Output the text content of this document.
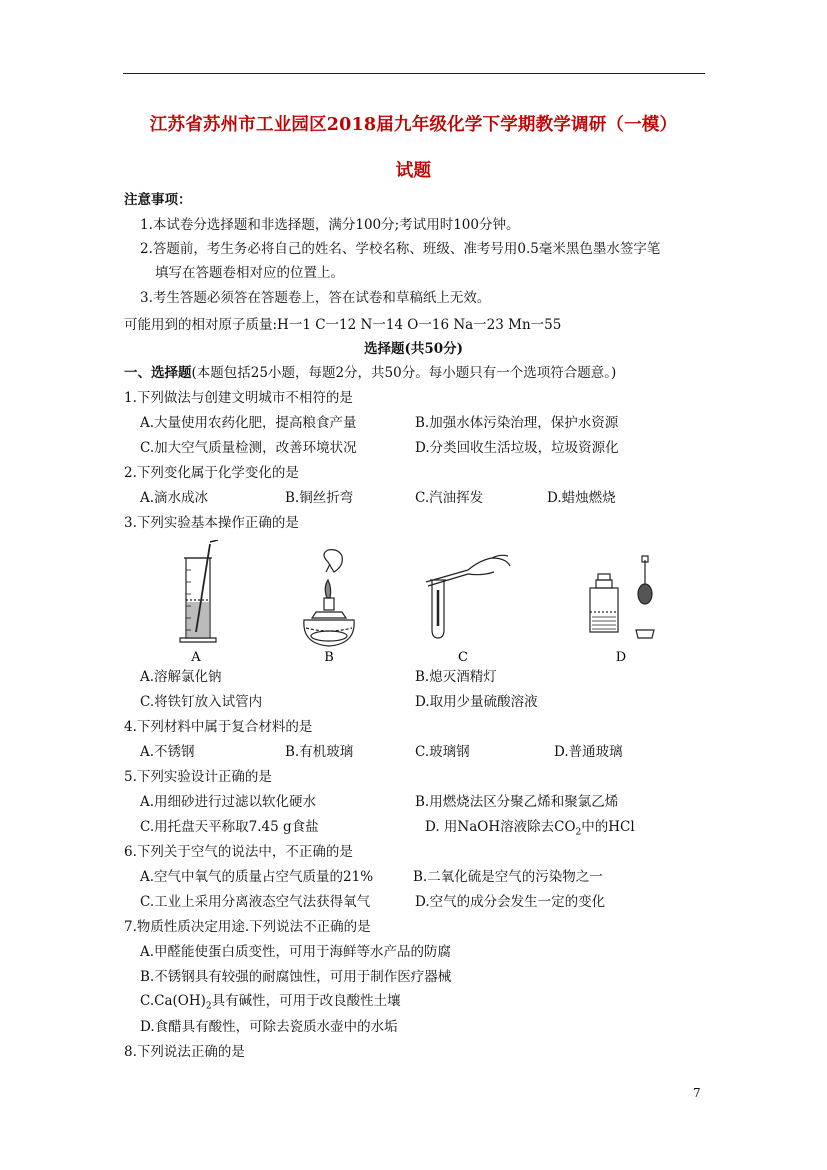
江苏省苏州市工业园区2018届九年级化学下学期教学调研（一模）
试题
注意事项：
1.本试卷分选择题和非选择题，满分100分;考试用时100分钟。
2.答题前，考生务必将自己的姓名、学校名称、班级、准考号用0.5毫米黑色墨水签字笔
填写在答题卷相对应的位置上。
3.考生答题必须答在答题卷上，答在试卷和草稿纸上无效。
可能用到的相对原子质量:H一1 C一12 N一14 O一16 Na一23 Mn一55
选择题(共50分)
一、选择题(本题包括25小题，每题2分，共50分。每小题只有一个选项符合题意。)
1.下列做法与创建文明城市不相符的是
A.大量使用农药化肥，提高粮食产量	B.加强水体污染治理，保护水资源
C.加大空气质量检测，改善环境状况	D.分类回收生活垃圾，垃圾资源化
2.下列变化属于化学变化的是
A.滴水成冰	B.铜丝折弯	C.汽油挥发	D.蜡烛燃烧
3.下列实验基本操作正确的是
A	B	C	D
A.溶解氯化钠	B.熄灭酒精灯
C.将铁钉放入试管内	D.取用少量硫酸溶液
4.下列材料中属于复合材料的是
A.不锈钢	B.有机玻璃	C.玻璃钢	D.普通玻璃
5.下列实验设计正确的是
A.用细砂进行过滤以软化硬水	B.用燃烧法区分聚乙烯和聚氯乙烯
C.用托盘天平称取7.45 g食盐	D. 用NaOH溶液除去$CO_2$中的HCl
6.下列关于空气的说法中，不正确的是
A.空气中氧气的质量占空气质量的21%	B.二氧化硫是空气的污染物之一
C.工业上采用分离液态空气法获得氧气	D.空气的成分会发生一定的变化
7.物质性质决定用途.下列说法不正确的是
A.甲醛能使蛋白质变性，可用于海鲜等水产品的防腐
B.不锈钢具有较强的耐腐蚀性，可用于制作医疗器械
$C.Ca(OH)_2$具有碱性，可用于改良酸性土壤
D.食醋具有酸性，可除去瓷质水壶中的水垢
8.下列说法正确的是
7
